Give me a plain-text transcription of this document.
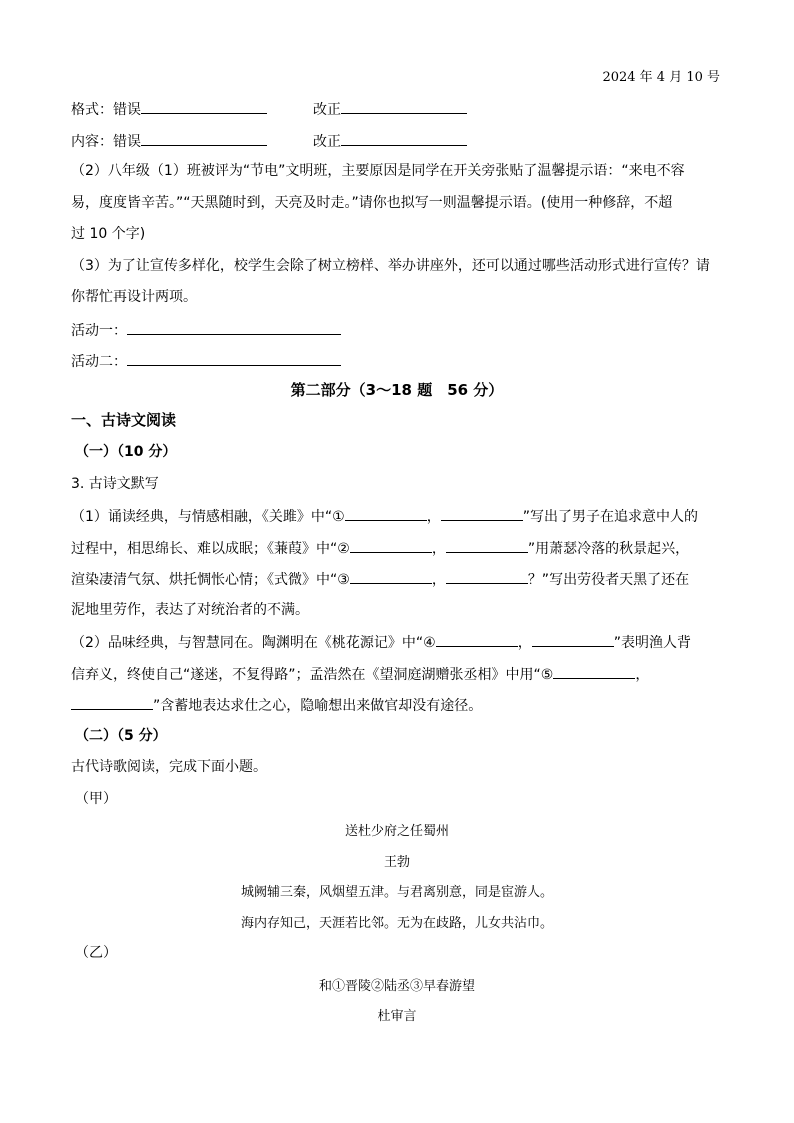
2024 年 4 月 10 号
格式：错误	改正
内容：错误	改正
（2）八年级（1）班被评为“节电”文明班，主要原因是同学在开关旁张贴了温馨提示语：“来电不容
易，度度皆辛苦。”“天黑随时到，天亮及时走。”请你也拟写一则温馨提示语。(使用一种修辞，不超
过 10 个字)
（3）为了让宣传多样化，校学生会除了树立榜样、举办讲座外，还可以通过哪些活动形式进行宣传？请
你帮忙再设计两项。
活动一：
活动二：
第二部分（3～18 题　56 分）
一、古诗文阅读
（一）（10 分）
3. 古诗文默写
（1）诵读经典，与情感相融，《关雎》中“①	，	”写出了男子在追求意中人的
过程中，相思绵长、难以成眠；《蒹葭》中“②	，	”用萧瑟冷落的秋景起兴，
渲染凄清气氛、烘托惆怅心情；《式微》中“③	，	？”写出劳役者天黑了还在
泥地里劳作，表达了对统治者的不满。
（2）品味经典，与智慧同在。陶渊明在《桃花源记》中“④	，	”表明渔人背
信弃义，终使自己“遂迷，不复得路”；孟浩然在《望洞庭湖赠张丞相》中用“⑤	，
”含蓄地表达求仕之心，隐喻想出来做官却没有途径。
（二）（5 分）
古代诗歌阅读，完成下面小题。
（甲）
送杜少府之任蜀州
王勃
城阙辅三秦，风烟望五津。与君离别意，同是宦游人。
海内存知己，天涯若比邻。无为在歧路，儿女共沾巾。
（乙）
和①晋陵②陆丞③早春游望
杜审言
